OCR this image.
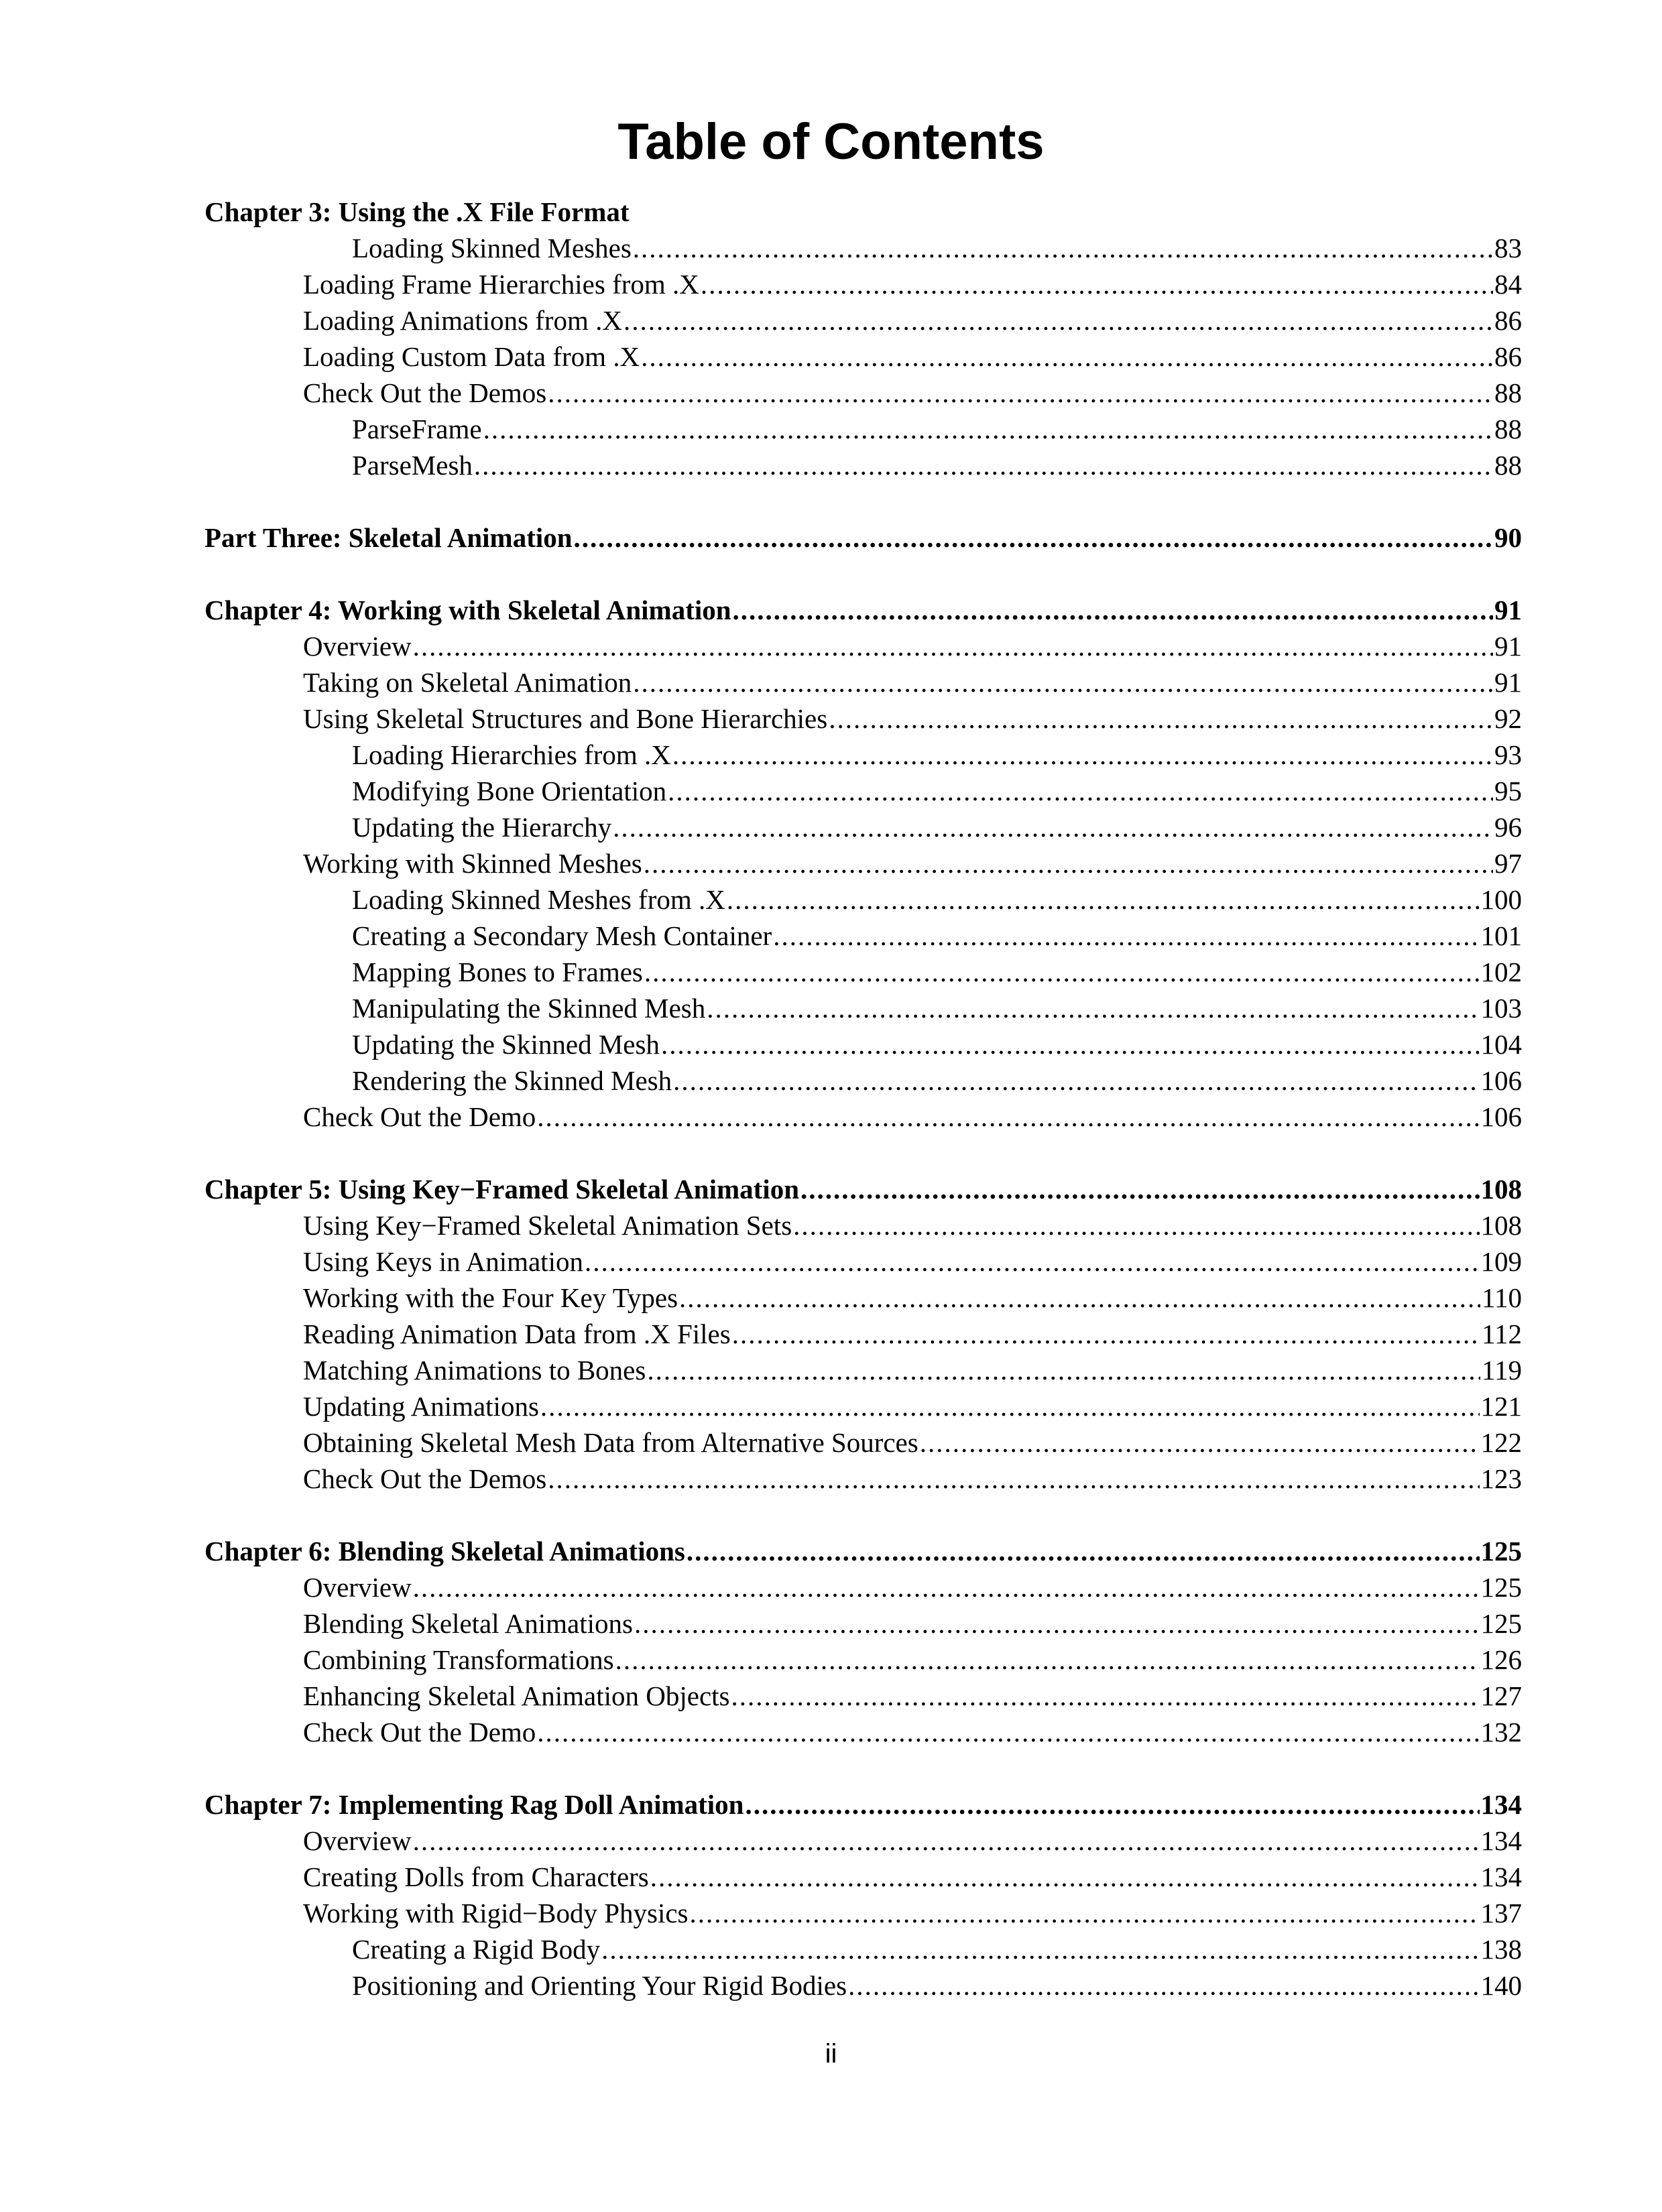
Table of Contents
Chapter 3: Using the .X File Format
Loading Skinned Meshes .....	83
Loading Frame Hierarchies from .X .....	84
Loading Animations from .X .....	86
Loading Custom Data from .X .....	86
Check Out the Demos .....	88
ParseFrame .....	88
ParseMesh .....	88
Part Three: Skeletal Animation .....	90
Chapter 4: Working with Skeletal Animation .....	91
Overview .....	91
Taking on Skeletal Animation .....	91
Using Skeletal Structures and Bone Hierarchies .....	92
Loading Hierarchies from .X .....	93
Modifying Bone Orientation .....	95
Updating the Hierarchy .....	96
Working with Skinned Meshes .....	97
Loading Skinned Meshes from .X .....	100
Creating a Secondary Mesh Container .....	101
Mapping Bones to Frames .....	102
Manipulating the Skinned Mesh .....	103
Updating the Skinned Mesh .....	104
Rendering the Skinned Mesh .....	106
Check Out the Demo .....	106
Chapter 5: Using Key−Framed Skeletal Animation .....	108
Using Key−Framed Skeletal Animation Sets .....	108
Using Keys in Animation .....	109
Working with the Four Key Types .....	110
Reading Animation Data from .X Files .....	112
Matching Animations to Bones .....	119
Updating Animations .....	121
Obtaining Skeletal Mesh Data from Alternative Sources .....	122
Check Out the Demos .....	123
Chapter 6: Blending Skeletal Animations .....	125
Overview .....	125
Blending Skeletal Animations .....	125
Combining Transformations .....	126
Enhancing Skeletal Animation Objects .....	127
Check Out the Demo .....	132
Chapter 7: Implementing Rag Doll Animation .....	134
Overview .....	134
Creating Dolls from Characters .....	134
Working with Rigid−Body Physics .....	137
Creating a Rigid Body .....	138
Positioning and Orienting Your Rigid Bodies .....	140
ii
